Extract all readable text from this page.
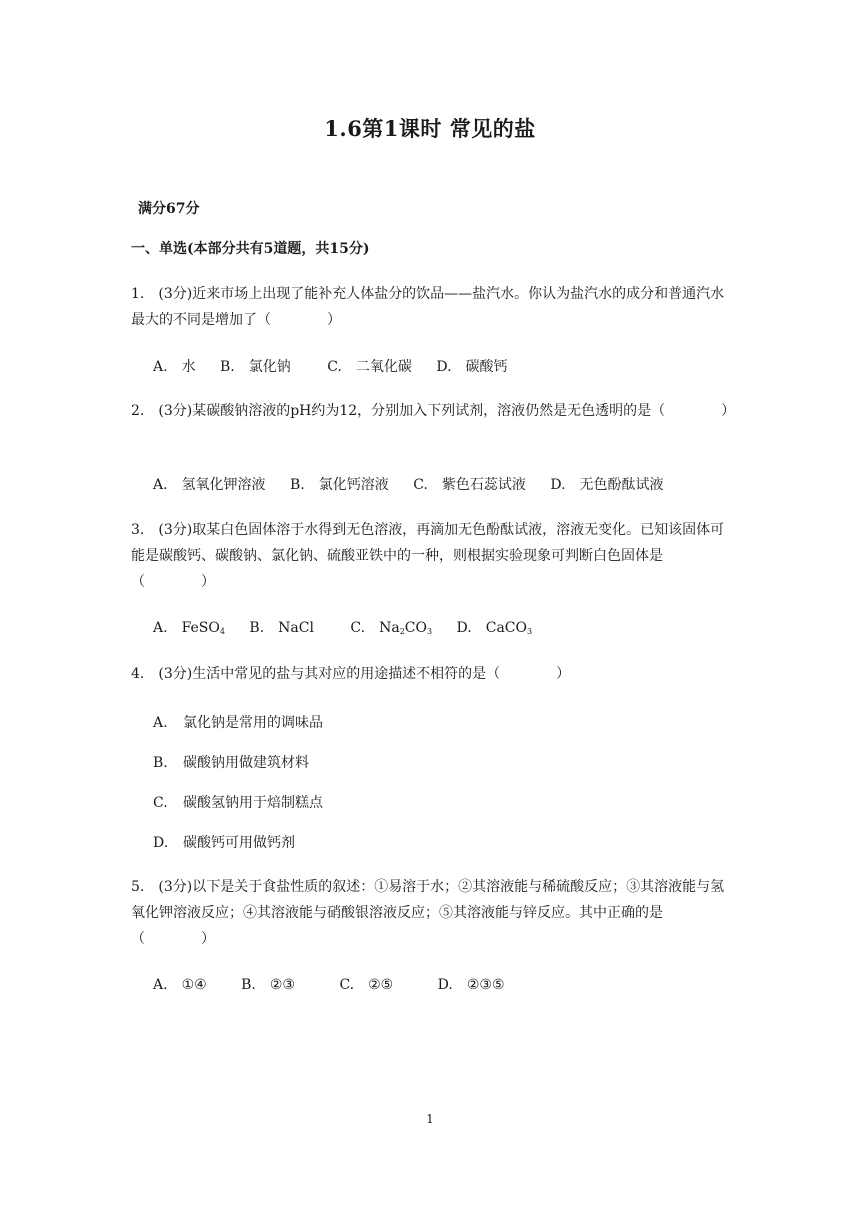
1.6第1课时 常见的盐
满分67分
一、单选(本部分共有5道题，共15分)
1.　(3分)近来市场上出现了能补充人体盐分的饮品——盐汽水。你认为盐汽水的成分和普通汽水最大的不同是增加了（　　　　）
A. 水 B. 氯化钠	C. 二氧化碳 D. 碳酸钙
2.　(3分)某碳酸钠溶液的pH约为12，分别加入下列试剂，溶液仍然是无色透明的是（　　　　）
A. 氢氧化钾溶液 B. 氯化钙溶液 C. 紫色石蕊试液 D. 无色酚酞试液
3.　(3分)取某白色固体溶于水得到无色溶液，再滴加无色酚酞试液，溶液无变化。已知该固体可能是碳酸钙、碳酸钠、氯化钠、硫酸亚铁中的一种，则根据实验现象可判断白色固体是（　　　　）
A. FeSO$_4$ B. NaCl	C. $Na_2CO_3$ D. CaCO$_3$
4.　(3分)生活中常见的盐与其对应的用途描述不相符的是（　　　　）
A. 氯化钠是常用的调味品
B. 碳酸钠用做建筑材料
C. 碳酸氢钠用于焙制糕点
D. 碳酸钙可用做钙剂
5.　(3分)以下是关于食盐性质的叙述：①易溶于水；②其溶液能与稀硫酸反应；③其溶液能与氢氧化钾溶液反应；④其溶液能与硝酸银溶液反应；⑤其溶液能与锌反应。其中正确的是（　　　　）
A. ①④ B. ②③	C. ②⑤	D. ②③⑤
1
